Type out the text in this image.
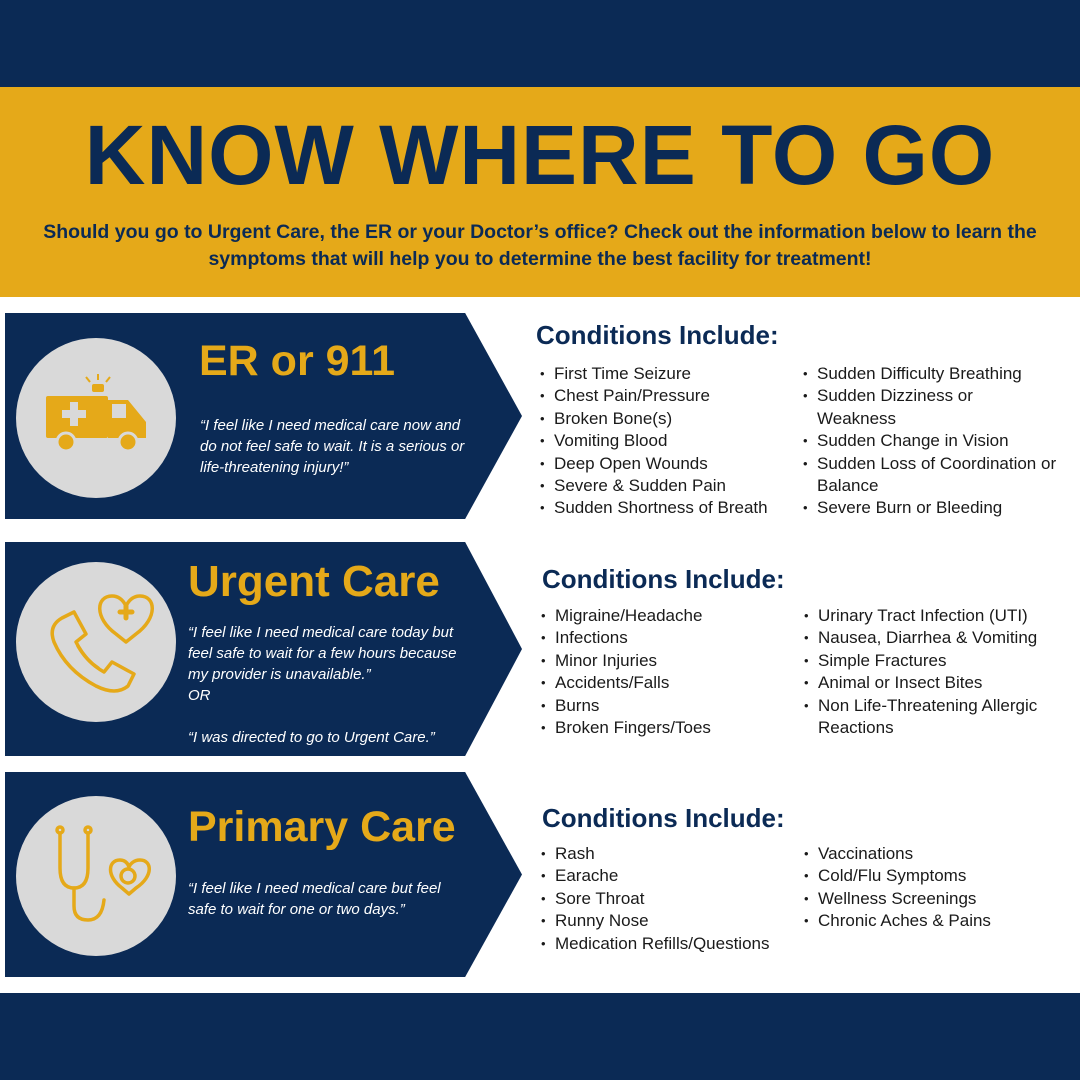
KNOW WHERE TO GO

Should you go to Urgent Care, the ER or your Doctor’s office? Check out the information below to learn the symptoms that will help you to determine the best facility for treatment!

ER or 911

“I feel like I need medical care now and do not feel safe to wait. It is a serious or life-threatening injury!”

Conditions Include:
• First Time Seizure
• Chest Pain/Pressure
• Broken Bone(s)
• Vomiting Blood
• Deep Open Wounds
• Severe & Sudden Pain
• Sudden Shortness of Breath
• Sudden Difficulty Breathing
• Sudden Dizziness or Weakness
• Sudden Change in Vision
• Sudden Loss of Coordination or Balance
• Severe Burn or Bleeding
Urgent Care

“I feel like I need medical care today but feel safe to wait for a few hours because my provider is unavailable.”

OR

“I was directed to go to Urgent Care.”

Conditions Include:
• Migraine/Headache
• Infections
• Minor Injuries
• Accidents/Falls
• Burns
• Broken Fingers/Toes
• Urinary Tract Infection (UTI)
• Nausea, Diarrhea & Vomiting
• Simple Fractures
• Animal or Insect Bites
• Non Life-Threatening Allergic Reactions
Primary Care

“I feel like I need medical care but feel safe to wait for one or two days.”

Conditions Include:
• Rash
• Earache
• Sore Throat
• Runny Nose
• Medication Refills/Questions
• Vaccinations
• Cold/Flu Symptoms
• Wellness Screenings
• Chronic Aches & Pains
